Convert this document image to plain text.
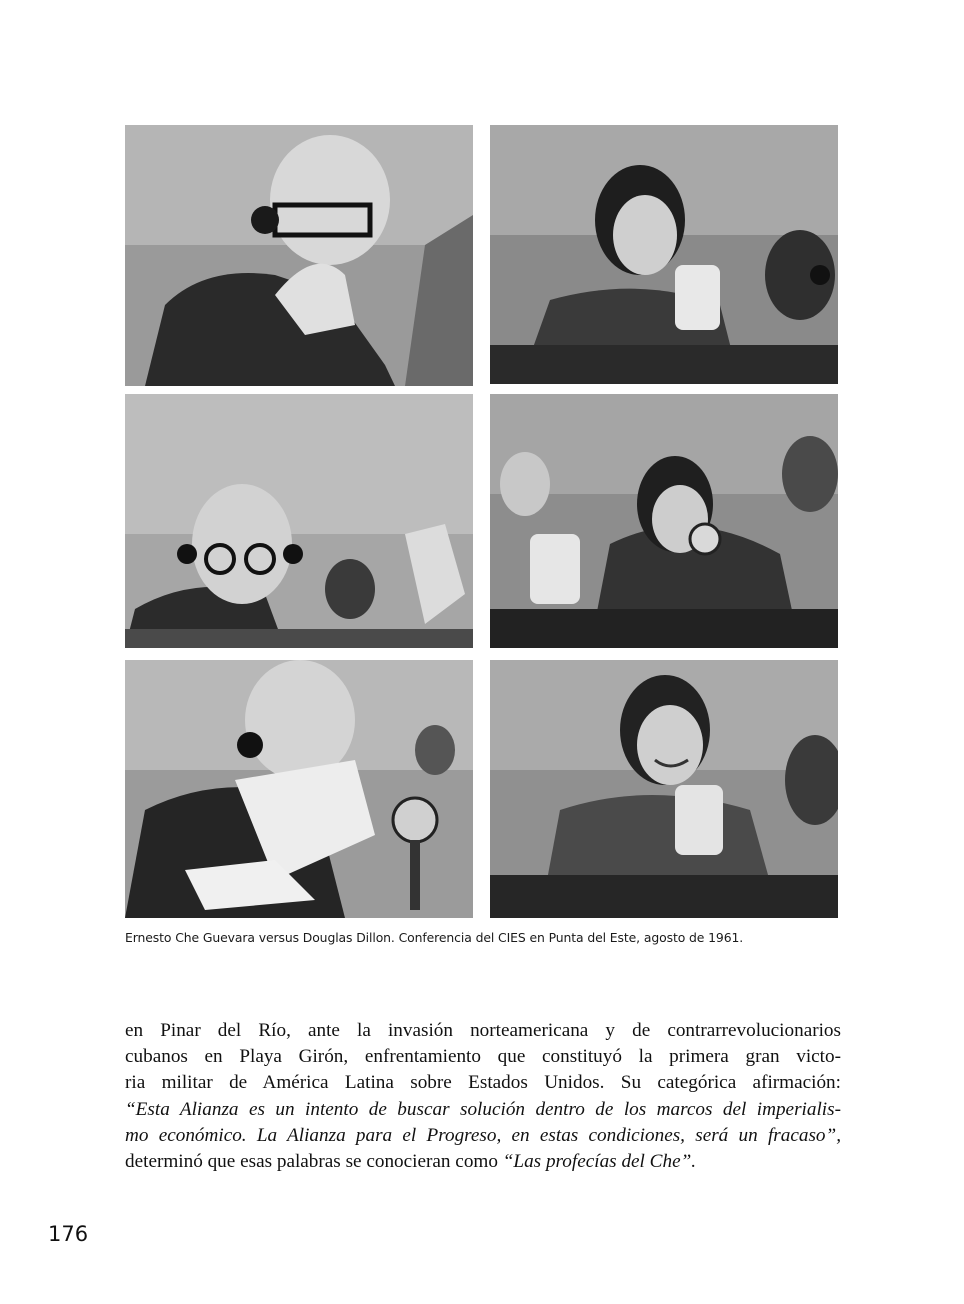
Ernesto Che Guevara versus Douglas Dillon. Conferencia del CIES en Punta del Este, agosto de 1961.
en Pinar del Río, ante la invasión norteamericana y de contrarrevolucionarios
cubanos en Playa Girón, enfrentamiento que constituyó la primera gran victo-
ria militar de América Latina sobre Estados Unidos. Su categórica afirmación:
“Esta Alianza es un intento de buscar solución dentro de los marcos del imperialis-
mo económico. La Alianza para el Progreso, en estas condiciones, será un fracaso”,
determinó que esas palabras se conocieran como “Las profecías del Che”.
176
